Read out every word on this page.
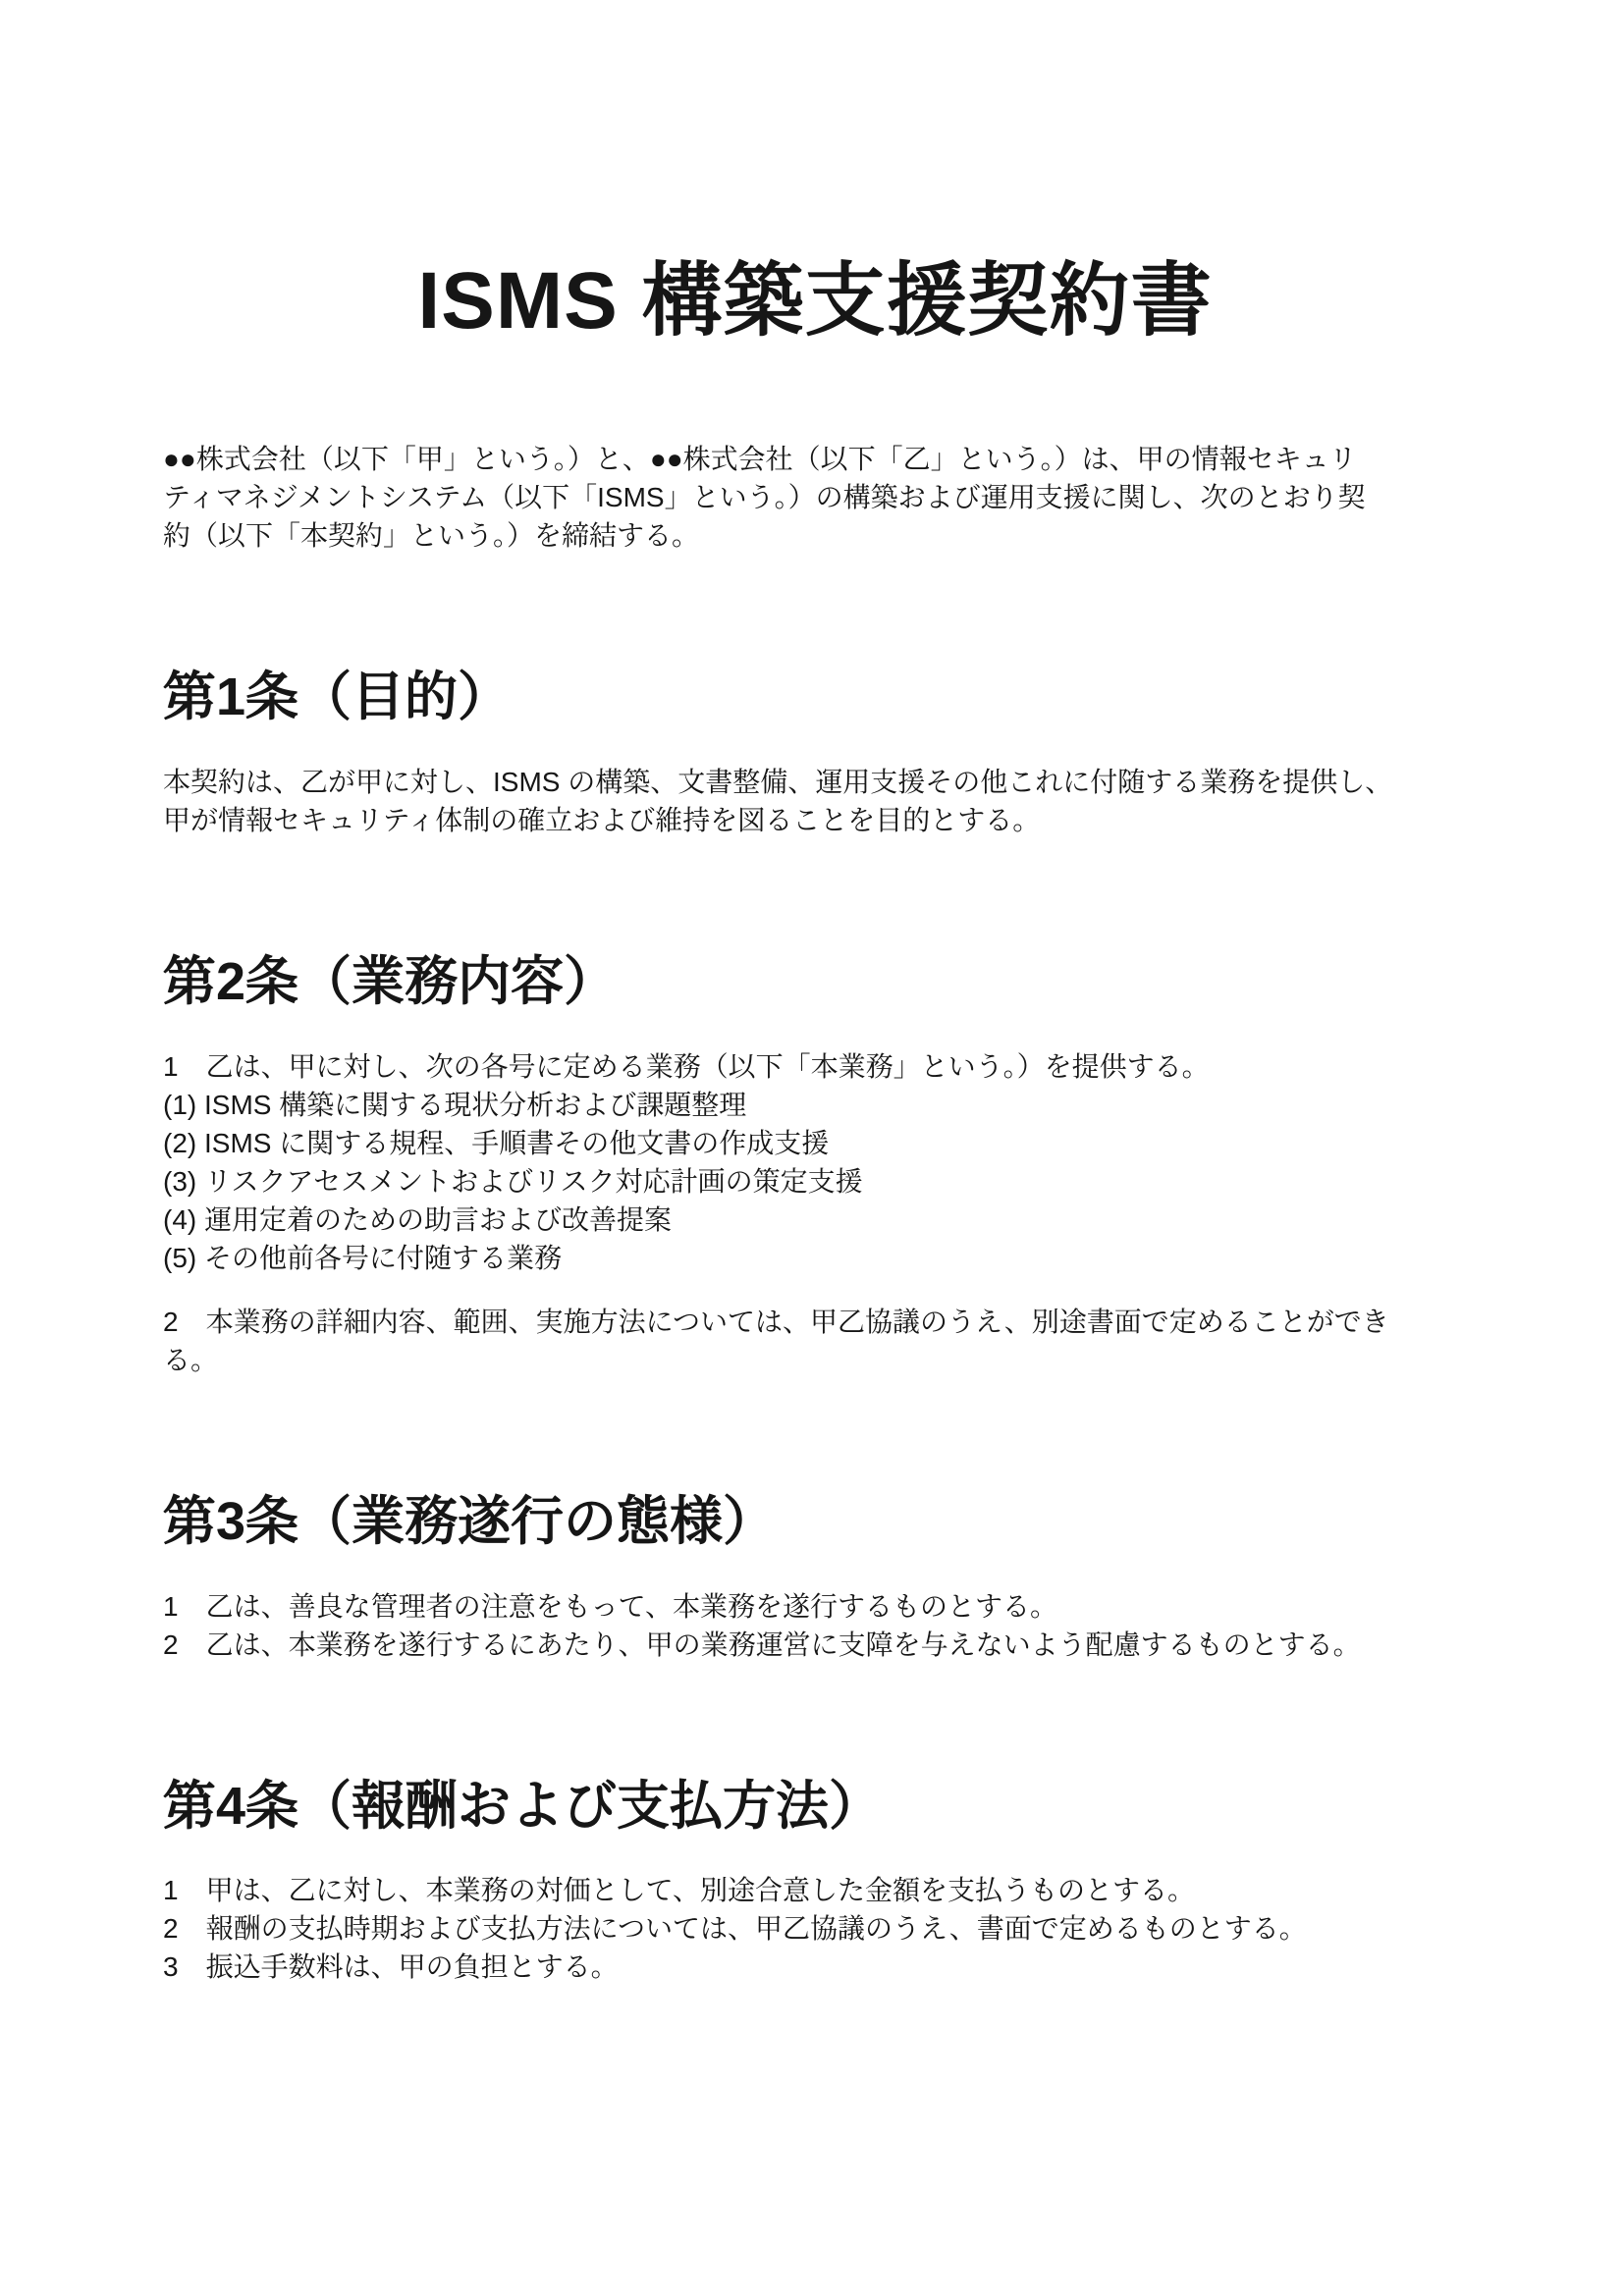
ISMS 構築支援契約書
●●株式会社（以下「甲」という。）と、●●株式会社（以下「乙」という。）は、甲の情報セキュリ
ティマネジメントシステム（以下「ISMS」という。）の構築および運用支援に関し、次のとおり契
約（以下「本契約」という。）を締結する。
第1条（目的）
本契約は、乙が甲に対し、ISMS の構築、文書整備、運用支援その他これに付随する業務を提供し、
甲が情報セキュリティ体制の確立および維持を図ることを目的とする。
第2条（業務内容）
1　乙は、甲に対し、次の各号に定める業務（以下「本業務」という。）を提供する。
(1) ISMS 構築に関する現状分析および課題整理
(2) ISMS に関する規程、手順書その他文書の作成支援
(3) リスクアセスメントおよびリスク対応計画の策定支援
(4) 運用定着のための助言および改善提案
(5) その他前各号に付随する業務
2　本業務の詳細内容、範囲、実施方法については、甲乙協議のうえ、別途書面で定めることができ
る。
第3条（業務遂行の態様）
1　乙は、善良な管理者の注意をもって、本業務を遂行するものとする。
2　乙は、本業務を遂行するにあたり、甲の業務運営に支障を与えないよう配慮するものとする。
第4条（報酬および支払方法）
1　甲は、乙に対し、本業務の対価として、別途合意した金額を支払うものとする。
2　報酬の支払時期および支払方法については、甲乙協議のうえ、書面で定めるものとする。
3　振込手数料は、甲の負担とする。
